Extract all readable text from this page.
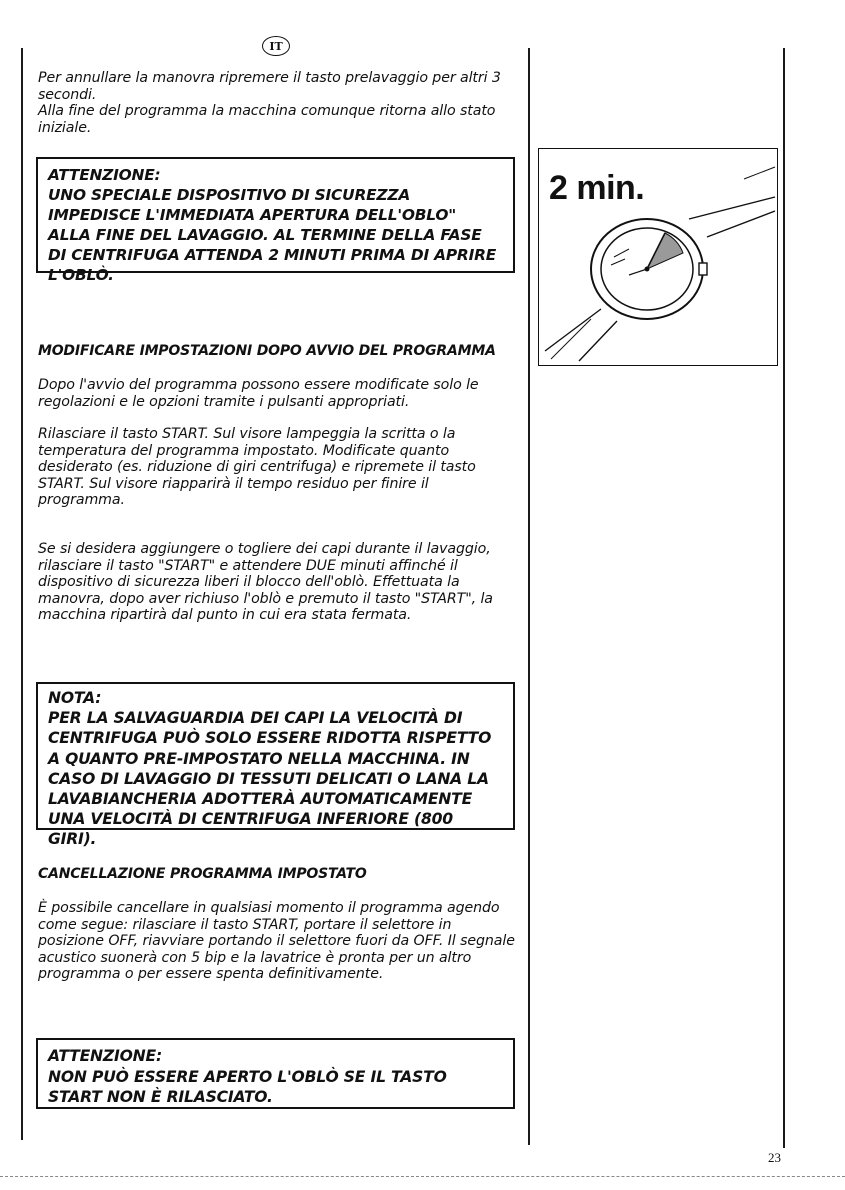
IT

Per annullare la manovra ripremere il tasto prelavaggio per altri 3 secondi.
Alla fine del programma la macchina comunque ritorna allo stato iniziale.

ATTENZIONE:
UNO SPECIALE DISPOSITIVO DI SICUREZZA IMPEDISCE L'IMMEDIATA APERTURA DELL'OBLO" ALLA FINE DEL LAVAGGIO. AL TERMINE DELLA FASE DI CENTRIFUGA ATTENDA 2 MINUTI PRIMA DI APRIRE L'OBLÒ.
2 min.

MODIFICARE IMPOSTAZIONI DOPO AVVIO DEL PROGRAMMA

Dopo l'avvio del programma possono essere modificate solo le regolazioni e le opzioni tramite i pulsanti appropriati.

Rilasciare il tasto START. Sul visore lampeggia la scritta o la temperatura del programma impostato. Modificate quanto desiderato (es. riduzione di giri centrifuga) e ripremete il tasto START. Sul visore riapparirà il tempo residuo per finire il programma.

Se si desidera aggiungere o togliere dei capi durante il lavaggio, rilasciare il tasto "START" e attendere DUE minuti affinché il dispositivo di sicurezza liberi il blocco dell'oblò. Effettuata la manovra, dopo aver richiuso l'oblò e premuto il tasto "START", la macchina ripartirà dal punto in cui era stata fermata.

NOTA:
PER LA SALVAGUARDIA DEI CAPI LA VELOCITÀ DI CENTRIFUGA PUÒ SOLO ESSERE RIDOTTA RISPETTO A QUANTO PRE-IMPOSTATO NELLA MACCHINA. IN CASO DI LAVAGGIO DI TESSUTI DELICATI O LANA LA LAVABIANCHERIA ADOTTERÀ AUTOMATICAMENTE UNA VELOCITÀ DI CENTRIFUGA INFERIORE (800 GIRI).

CANCELLAZIONE PROGRAMMA IMPOSTATO

È possibile cancellare in qualsiasi momento il programma agendo come segue: rilasciare il tasto START, portare il selettore in posizione OFF, riavviare portando il selettore fuori da OFF. Il segnale acustico suonerà con 5 bip e la lavatrice è pronta per un altro programma o per essere spenta definitivamente.

ATTENZIONE:
NON PUÒ ESSERE APERTO L'OBLÒ SE IL TASTO START NON È RILASCIATO.
23
